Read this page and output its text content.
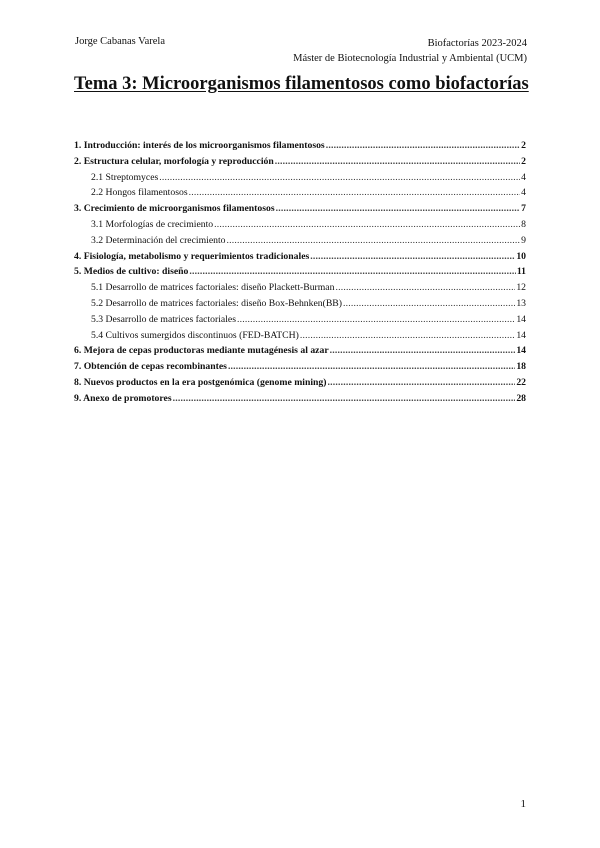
Jorge Cabanas Varela	Biofactorías 2023-2024
Máster de Biotecnología Industrial y Ambiental (UCM)
Tema 3: Microorganismos filamentosos como biofactorías
1. Introducción: interés de los microorganismos filamentosos .....	2
2. Estructura celular, morfología y reproducción .....	2
2.1 Streptomyces .....	4
2.2 Hongos filamentosos .....	4
3. Crecimiento de microorganismos filamentosos .....	7
3.1 Morfologías de crecimiento .....	8
3.2 Determinación del crecimiento .....	9
4. Fisiología, metabolismo y requerimientos tradicionales .....	10
5. Medios de cultivo: diseño .....	11
5.1 Desarrollo de matrices factoriales: diseño Plackett-Burman .....	12
5.2 Desarrollo de matrices factoriales: diseño Box-Behnken(BB) .....	13
5.3 Desarrollo de matrices factoriales .....	14
5.4 Cultivos sumergidos discontinuos (FED-BATCH) .....	14
6. Mejora de cepas productoras mediante mutagénesis al azar .....	14
7. Obtención de cepas recombinantes .....	18
8. Nuevos productos en la era postgenómica (genome mining) .....	22
9. Anexo de promotores .....	28
1
